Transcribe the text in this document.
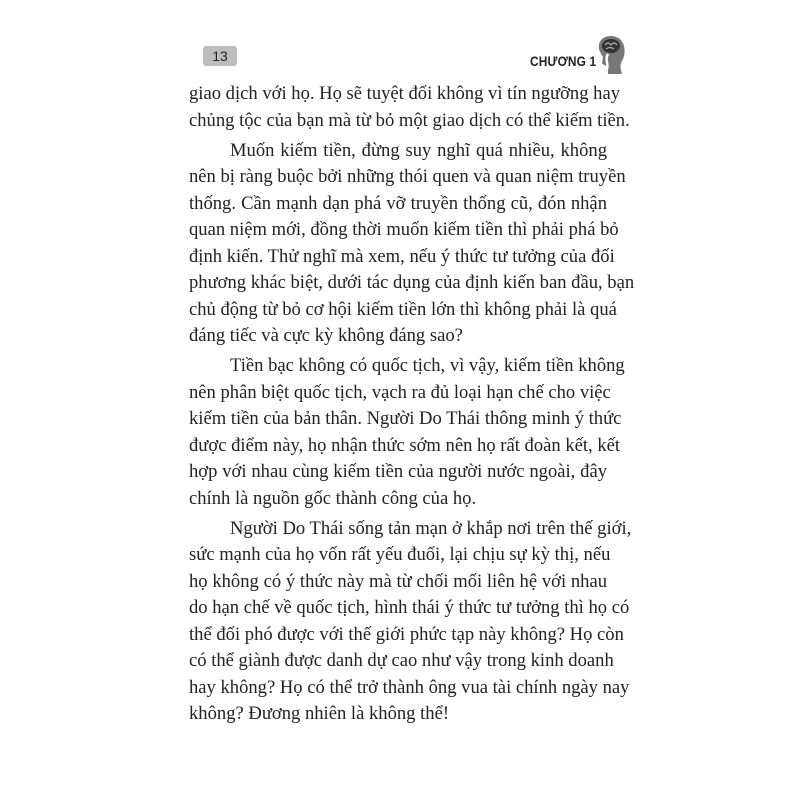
13	CHƯƠNG 1
giao dịch với họ. Họ sẽ tuyệt đối không vì tín ngưỡng hay
chủng tộc của bạn mà từ bỏ một giao dịch có thể kiếm tiền.
Muốn kiếm tiền, đừng suy nghĩ quá nhiều, không
nên bị ràng buộc bởi những thói quen và quan niệm truyền
thống. Cần mạnh dạn phá vỡ truyền thống cũ, đón nhận
quan niệm mới, đồng thời muốn kiếm tiền thì phải phá bỏ
định kiến. Thử nghĩ mà xem, nếu ý thức tư tưởng của đối
phương khác biệt, dưới tác dụng của định kiến ban đầu, bạn
chủ động từ bỏ cơ hội kiếm tiền lớn thì không phải là quá
đáng tiếc và cực kỳ không đáng sao?
Tiền bạc không có quốc tịch, vì vậy, kiếm tiền không
nên phân biệt quốc tịch, vạch ra đủ loại hạn chế cho việc
kiếm tiền của bản thân. Người Do Thái thông minh ý thức
được điểm này, họ nhận thức sớm nên họ rất đoàn kết, kết
hợp với nhau cùng kiếm tiền của người nước ngoài, đây
chính là nguồn gốc thành công của họ.
Người Do Thái sống tản mạn ở khắp nơi trên thế giới,
sức mạnh của họ vốn rất yếu đuối, lại chịu sự kỳ thị, nếu
họ không có ý thức này mà từ chối mối liên hệ với nhau
do hạn chế về quốc tịch, hình thái ý thức tư tưởng thì họ có
thể đối phó được với thế giới phức tạp này không? Họ còn
có thể giành được danh dự cao như vậy trong kinh doanh
hay không? Họ có thể trở thành ông vua tài chính ngày nay
không? Đương nhiên là không thể!
